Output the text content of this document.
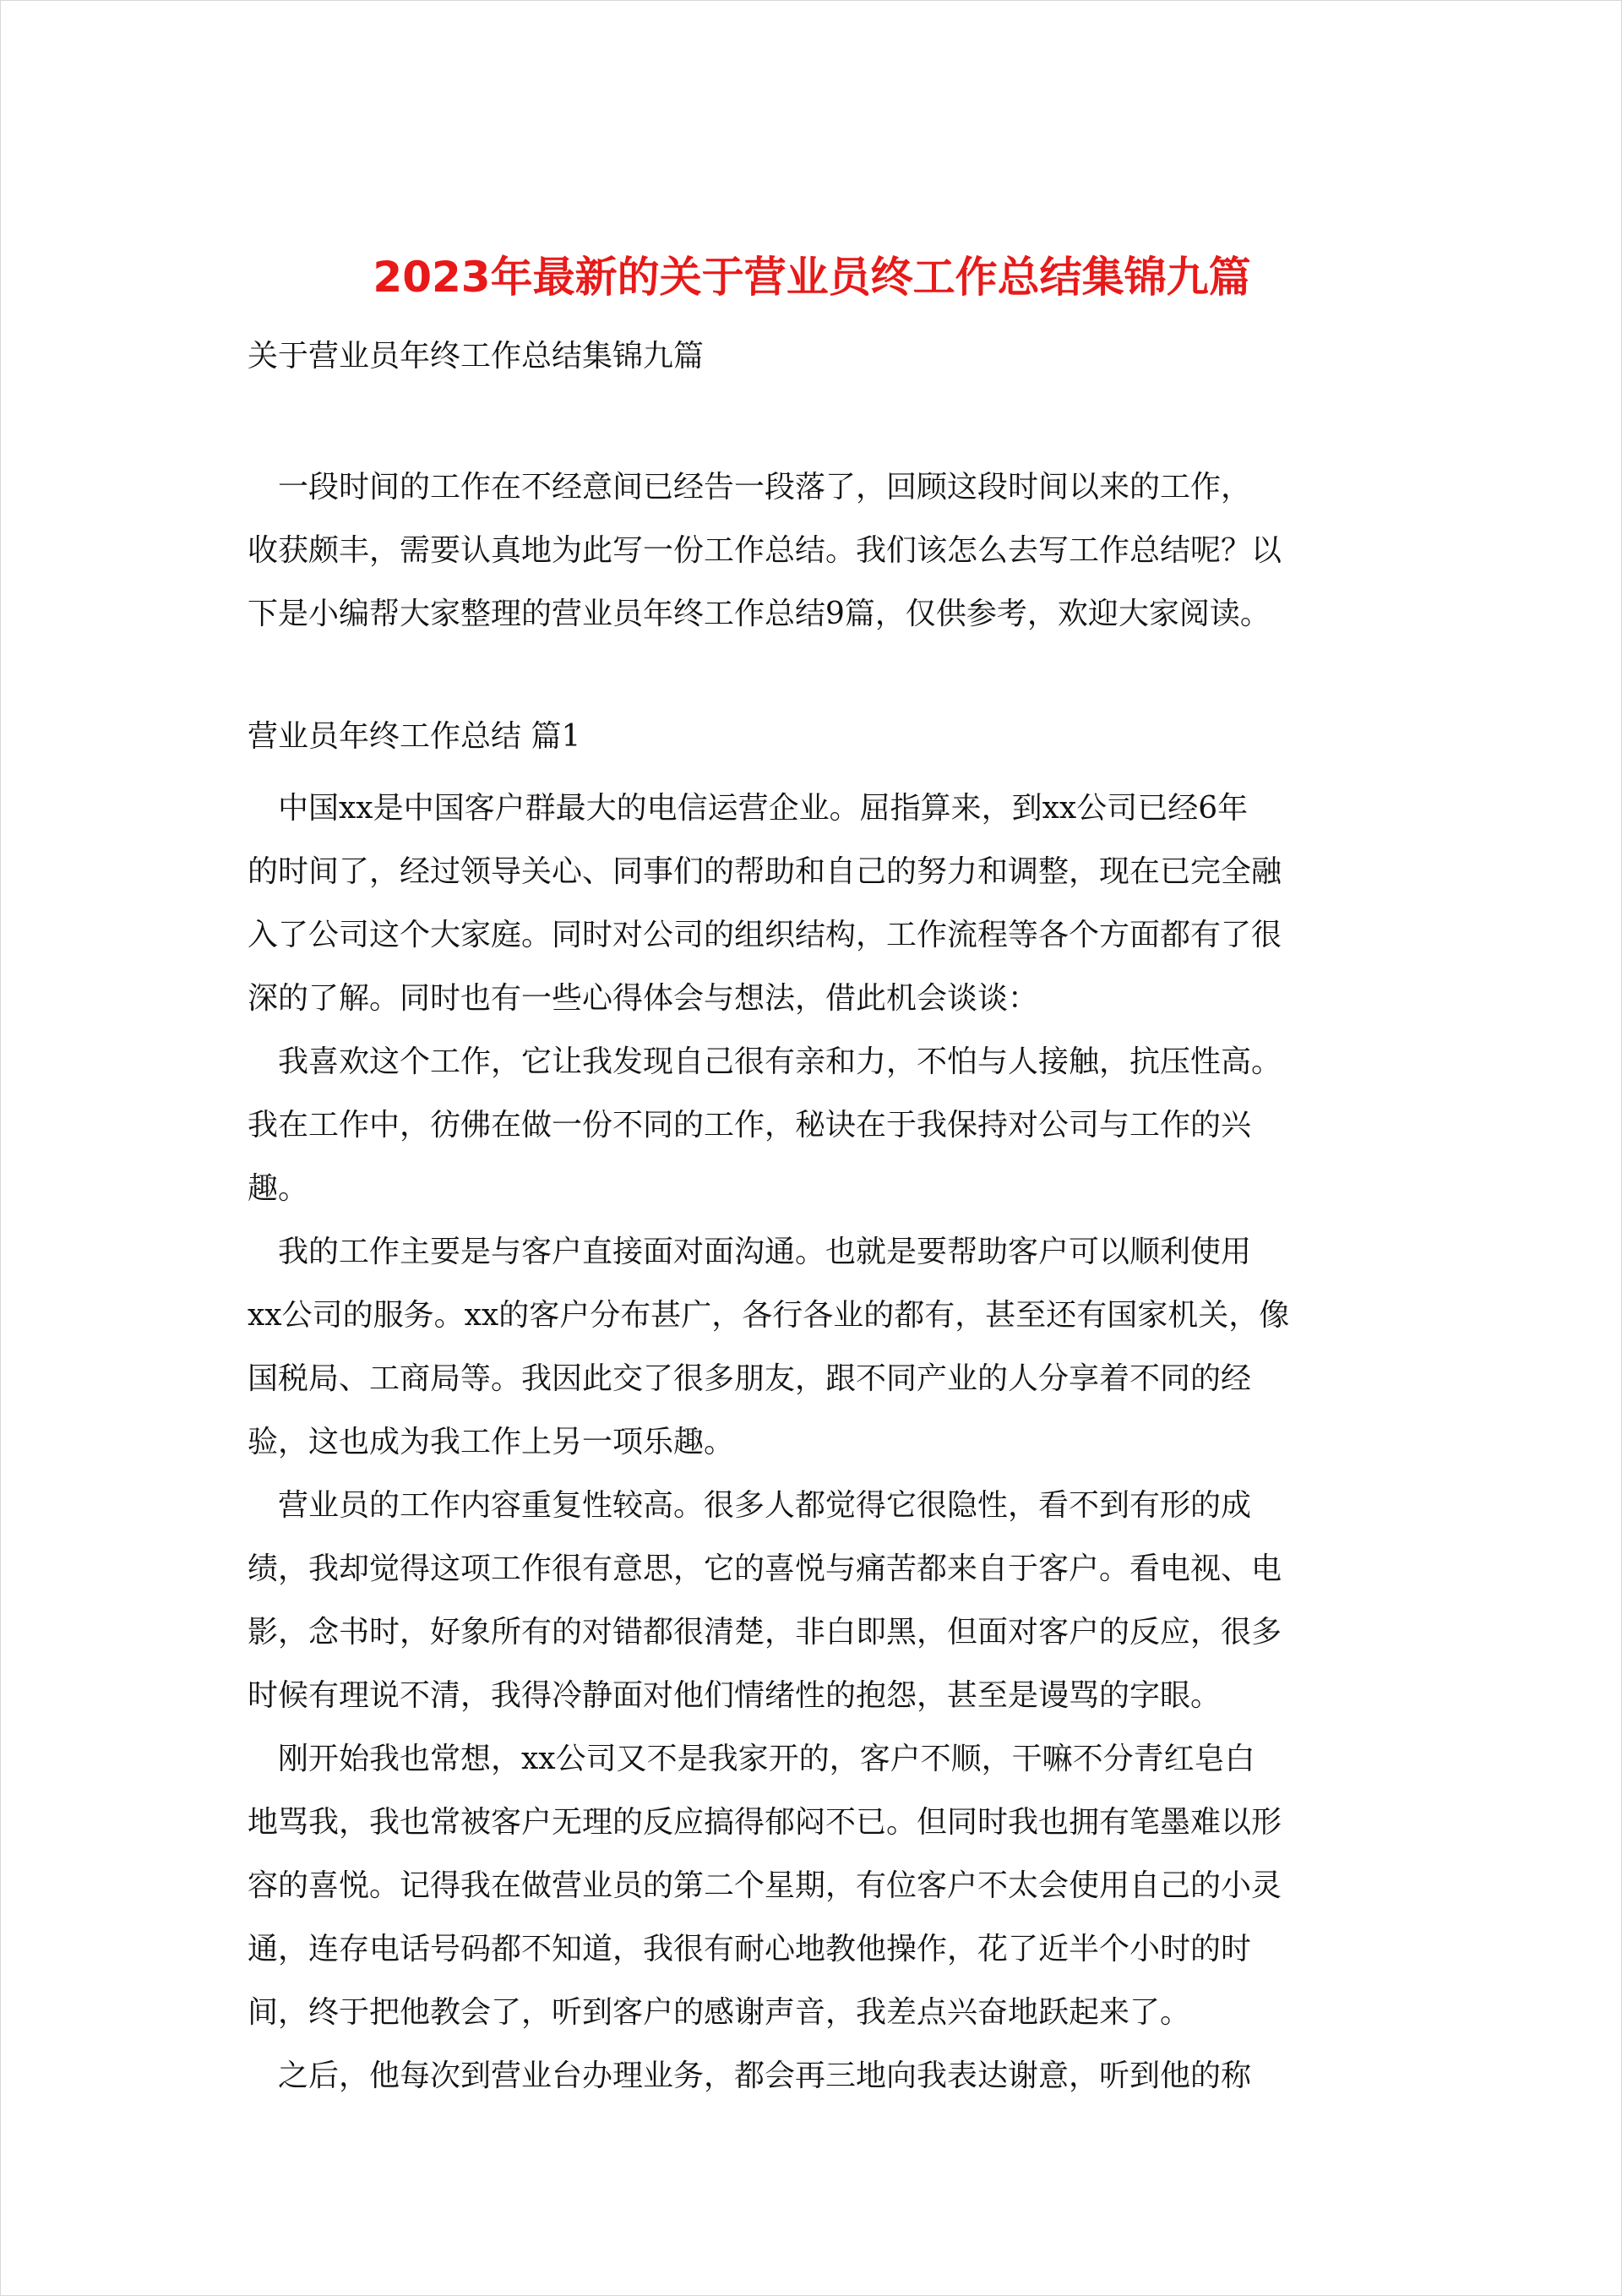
2023年最新的关于营业员终工作总结集锦九篇
关于营业员年终工作总结集锦九篇
　一段时间的工作在不经意间已经告一段落了，回顾这段时间以来的工作，
收获颇丰，需要认真地为此写一份工作总结。我们该怎么去写工作总结呢？以
下是小编帮大家整理的营业员年终工作总结9篇，仅供参考，欢迎大家阅读。
营业员年终工作总结 篇1
　中国xx是中国客户群最大的电信运营企业。屈指算来，到xx公司已经6年
的时间了，经过领导关心、同事们的帮助和自己的努力和调整，现在已完全融
入了公司这个大家庭。同时对公司的组织结构，工作流程等各个方面都有了很
深的了解。同时也有一些心得体会与想法，借此机会谈谈：
　我喜欢这个工作，它让我发现自己很有亲和力，不怕与人接触，抗压性高。
我在工作中，彷佛在做一份不同的工作，秘诀在于我保持对公司与工作的兴
趣。
　我的工作主要是与客户直接面对面沟通。也就是要帮助客户可以顺利使用
xx公司的服务。xx的客户分布甚广，各行各业的都有，甚至还有国家机关，像
国税局、工商局等。我因此交了很多朋友，跟不同产业的人分享着不同的经
验，这也成为我工作上另一项乐趣。
　营业员的工作内容重复性较高。很多人都觉得它很隐性，看不到有形的成
绩，我却觉得这项工作很有意思，它的喜悦与痛苦都来自于客户。看电视、电
影，念书时，好象所有的对错都很清楚，非白即黑，但面对客户的反应，很多
时候有理说不清，我得冷静面对他们情绪性的抱怨，甚至是谩骂的字眼。
　刚开始我也常想，xx公司又不是我家开的，客户不顺，干嘛不分青红皂白
地骂我，我也常被客户无理的反应搞得郁闷不已。但同时我也拥有笔墨难以形
容的喜悦。记得我在做营业员的第二个星期，有位客户不太会使用自己的小灵
通，连存电话号码都不知道，我很有耐心地教他操作，花了近半个小时的时
间，终于把他教会了，听到客户的感谢声音，我差点兴奋地跃起来了。
　之后，他每次到营业台办理业务，都会再三地向我表达谢意，听到他的称
